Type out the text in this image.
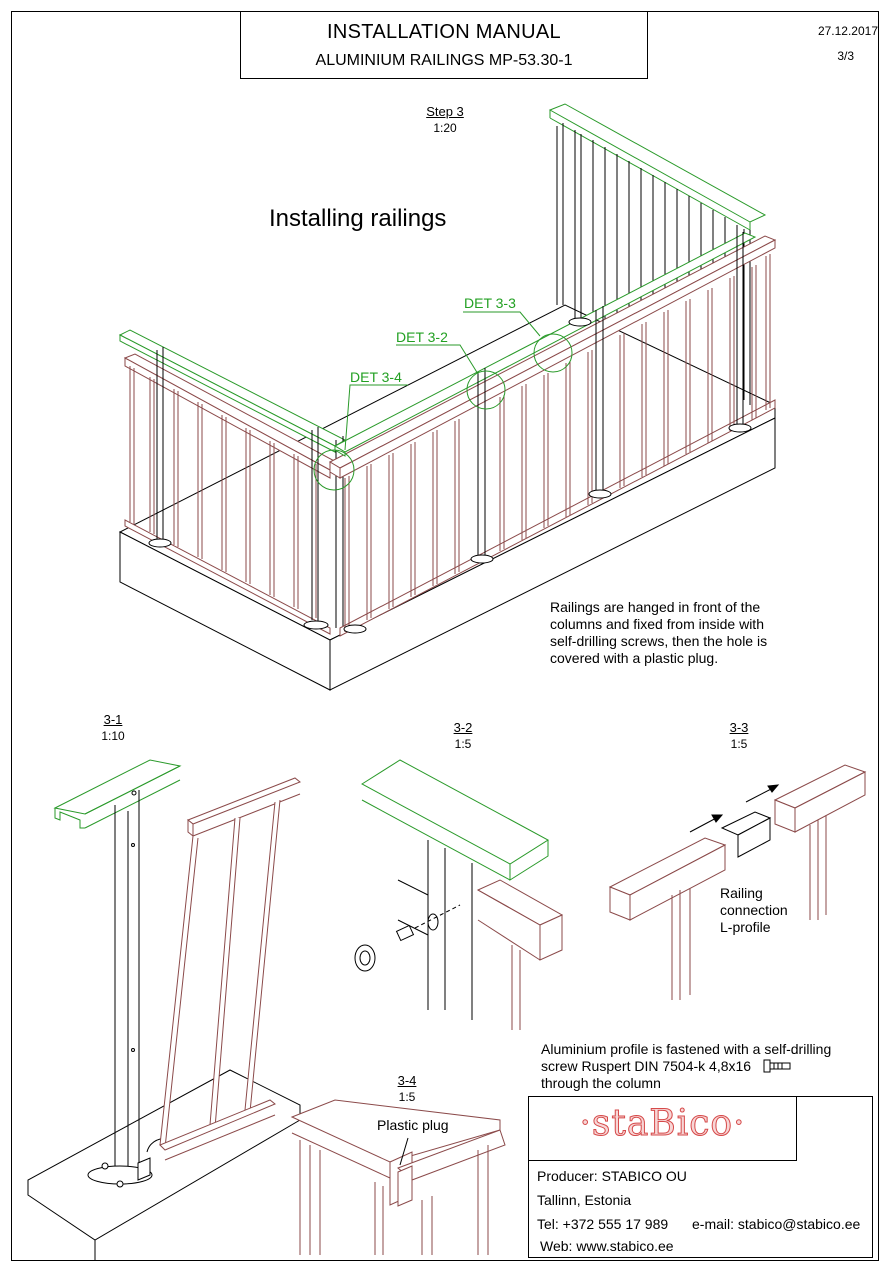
INSTALLATION MANUAL
ALUMINIUM RAILINGS MP-53.30-1
27.12.2017
3/3
Step 3
1:20
Installing railings
DET 3-3
DET 3-2
DET 3-4
Railings are hanged in front of the
columns and fixed from inside with
self-drilling screws, then the hole is
covered with a plastic plug.
3-1
1:10
3-2
1:5
3-3
1:5
3-4
1:5
Railing
connection
L-profile
Aluminium profile is fastened with a self-drilling
screw Ruspert DIN 7504-k 4,8x16
through the column
Plastic plug	·staBico·
Producer: STABICO OU
Tallinn, Estonia
Tel: +372 555 17 989 e-mail: stabico@stabico.ee
Web: www.stabico.ee
